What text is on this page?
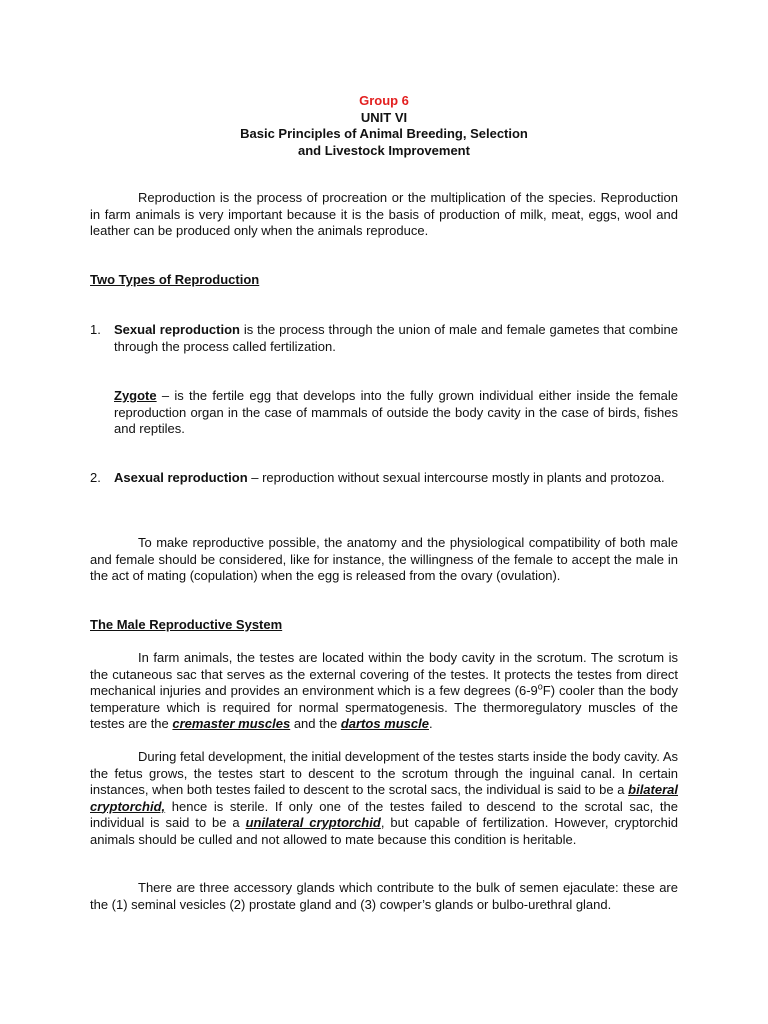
Group 6
UNIT VI
Basic Principles of Animal Breeding, Selection
and Livestock Improvement
Reproduction is the process of procreation or the multiplication of the species. Reproduction in farm animals is very important because it is the basis of production of milk, meat, eggs, wool and leather can be produced only when the animals reproduce.
Two Types of Reproduction
1. Sexual reproduction is the process through the union of male and female gametes that combine through the process called fertilization.
Zygote – is the fertile egg that develops into the fully grown individual either inside the female reproduction organ in the case of mammals of outside the body cavity in the case of birds, fishes and reptiles.
2. Asexual reproduction – reproduction without sexual intercourse mostly in plants and protozoa.
To make reproductive possible, the anatomy and the physiological compatibility of both male and female should be considered, like for instance, the willingness of the female to accept the male in the act of mating (copulation) when the egg is released from the ovary (ovulation).
The Male Reproductive System
In farm animals, the testes are located within the body cavity in the scrotum. The scrotum is the cutaneous sac that serves as the external covering of the testes. It protects the testes from direct mechanical injuries and provides an environment which is a few degrees (6-9$^o$F) cooler than the body temperature which is required for normal spermatogenesis. The thermoregulatory muscles of the testes are the cremaster muscles and the dartos muscle.
During fetal development, the initial development of the testes starts inside the body cavity. As the fetus grows, the testes start to descent to the scrotum through the inguinal canal. In certain instances, when both testes failed to descent to the scrotal sacs, the individual is said to be a bilateral cryptorchid, hence is sterile. If only one of the testes failed to descend to the scrotal sac, the individual is said to be a unilateral cryptorchid, but capable of fertilization. However, cryptorchid animals should be culled and not allowed to mate because this condition is heritable.
There are three accessory glands which contribute to the bulk of semen ejaculate: these are the (1) seminal vesicles (2) prostate gland and (3) cowper’s glands or bulbo-urethral gland.
